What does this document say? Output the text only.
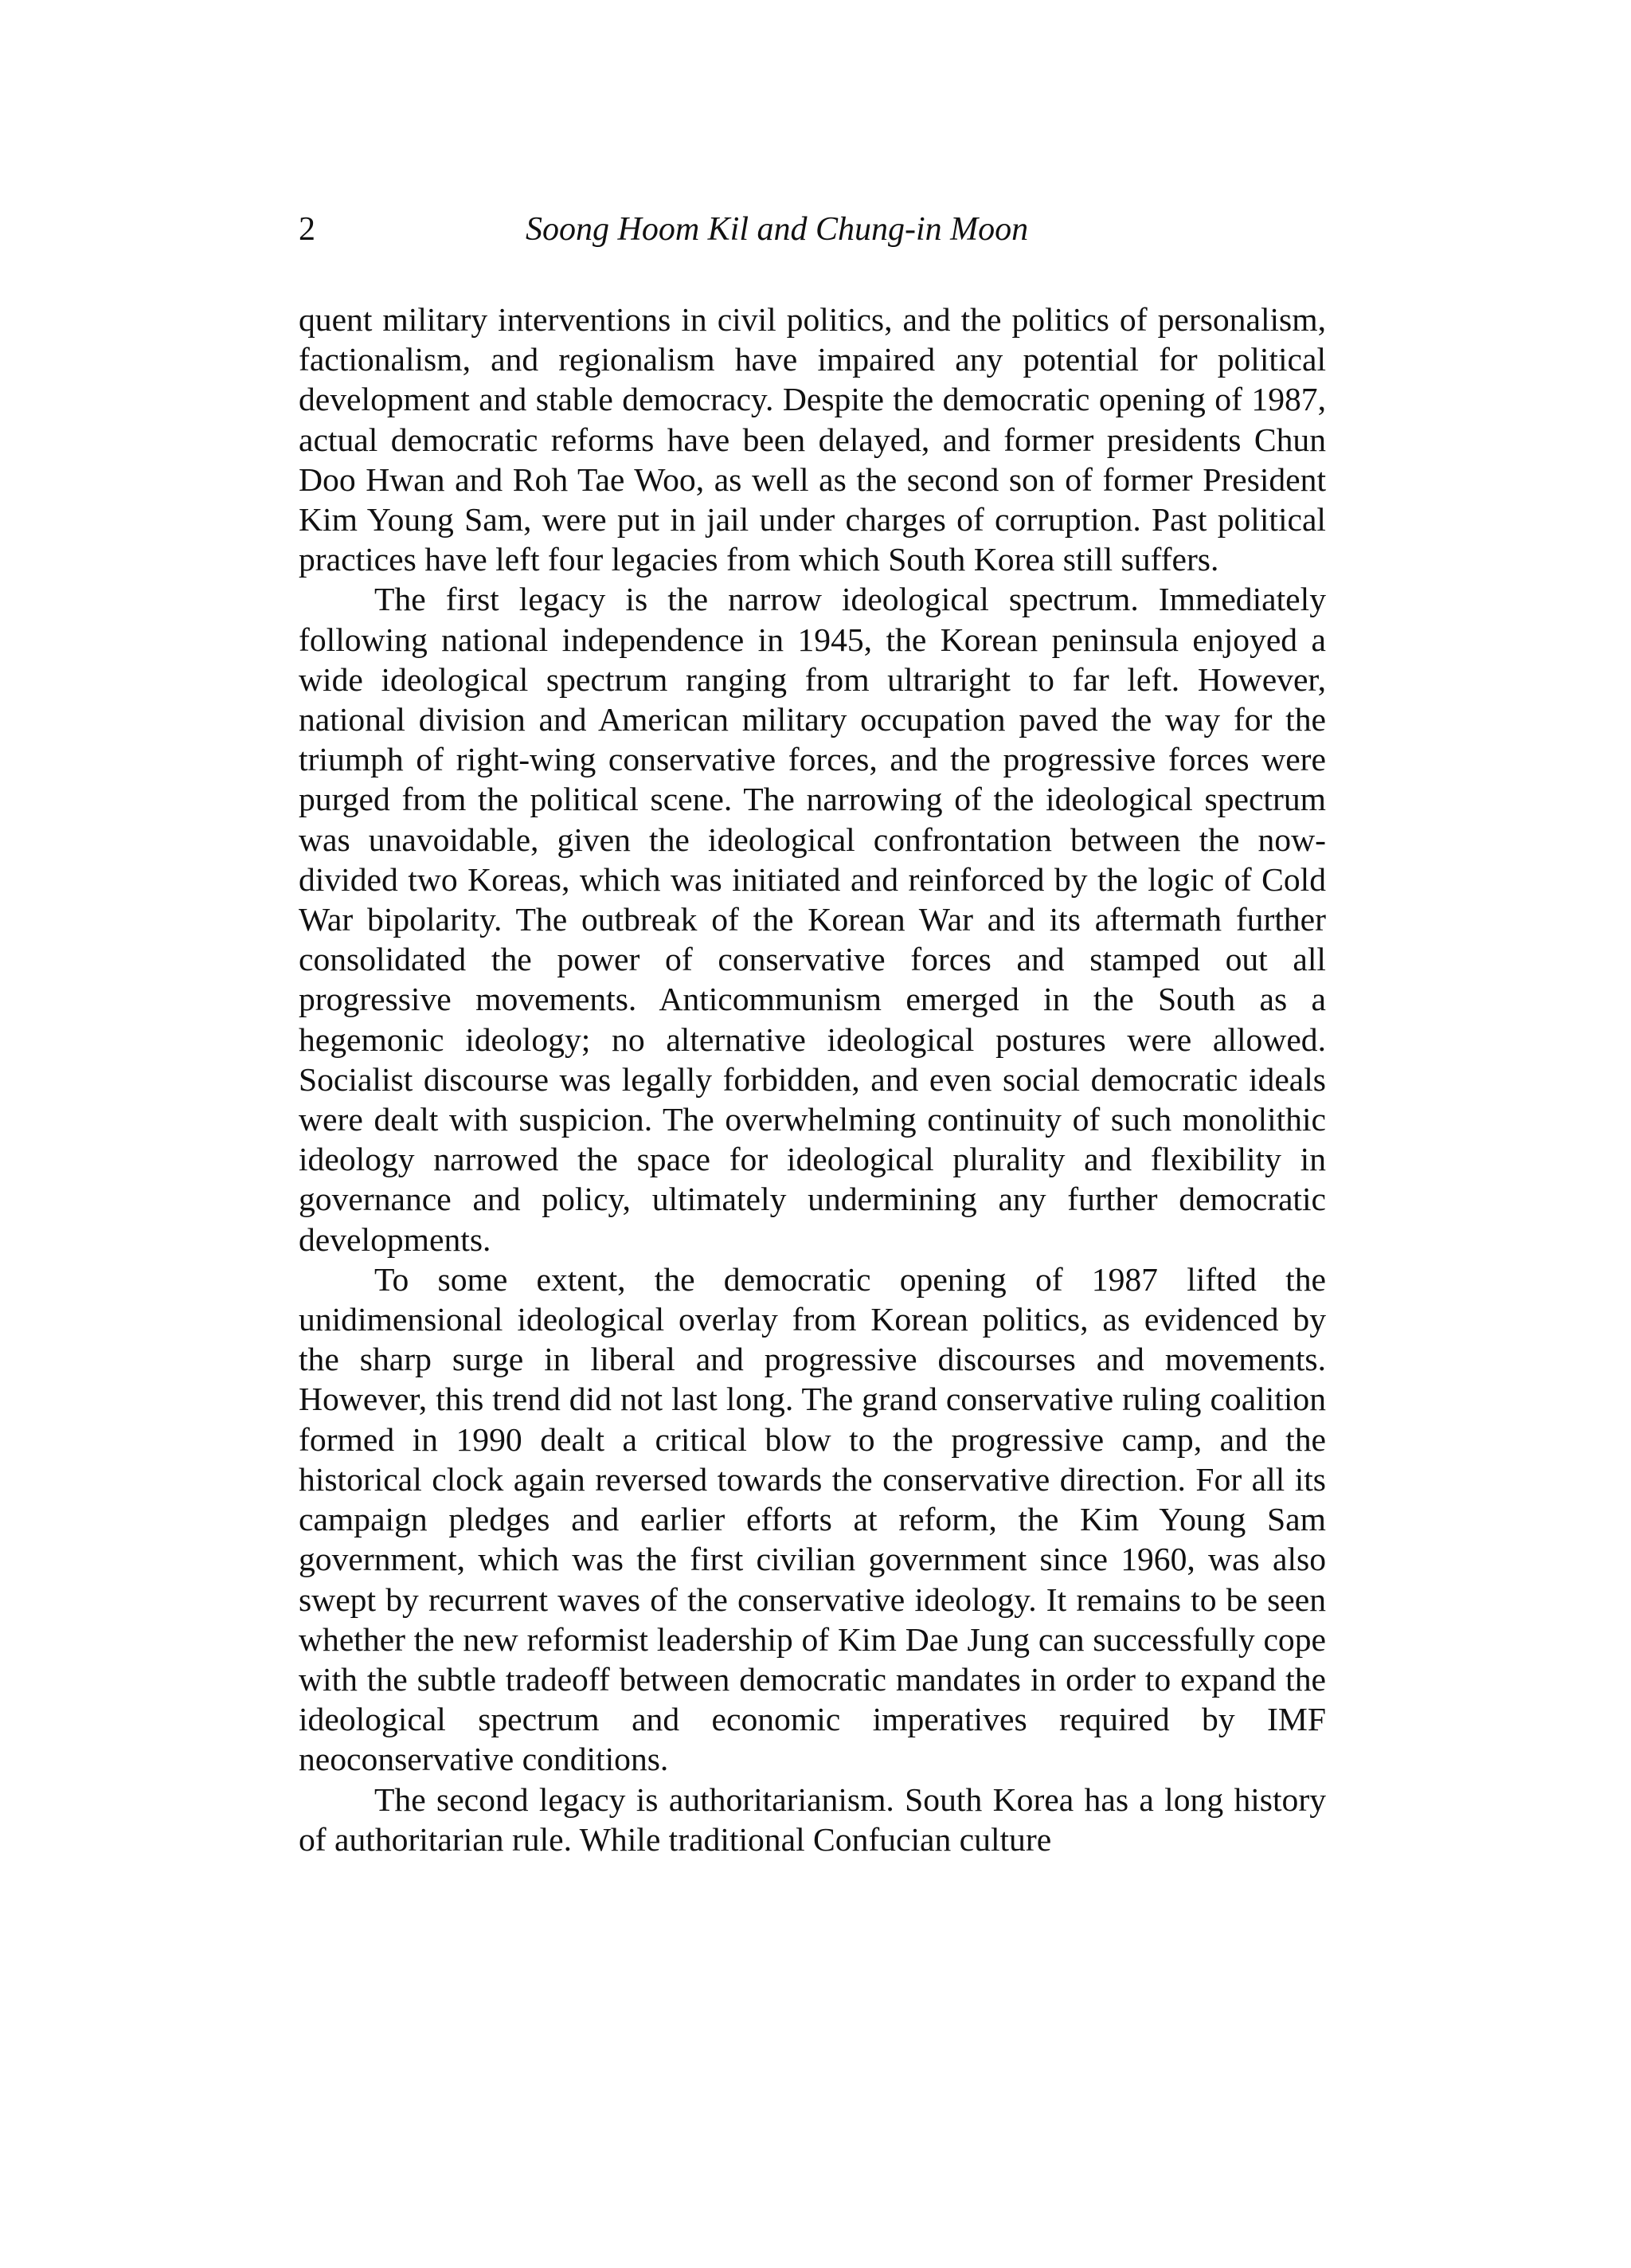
2	Soong Hoom Kil and Chung-in Moon

quent military interventions in civil politics, and the politics of personalism, factionalism, and regionalism have impaired any potential for political development and stable democracy. Despite the democratic opening of 1987, actual democratic reforms have been delayed, and former presidents Chun Doo Hwan and Roh Tae Woo, as well as the second son of former President Kim Young Sam, were put in jail under charges of corruption. Past political practices have left four legacies from which South Korea still suffers.

The first legacy is the narrow ideological spectrum. Immediately following national independence in 1945, the Korean peninsula enjoyed a wide ideological spectrum ranging from ultraright to far left. However, national division and American military occupation paved the way for the triumph of right-wing conservative forces, and the progressive forces were purged from the political scene. The narrowing of the ideological spectrum was unavoidable, given the ideological confrontation between the now-divided two Koreas, which was initiated and reinforced by the logic of Cold War bipolarity. The outbreak of the Korean War and its aftermath further consolidated the power of conservative forces and stamped out all progressive movements. Anticommunism emerged in the South as a hegemonic ideology; no alternative ideological postures were allowed. Socialist discourse was legally forbidden, and even social democratic ideals were dealt with suspicion. The overwhelming continuity of such monolithic ideology narrowed the space for ideological plurality and flexibility in governance and policy, ultimately undermining any further democratic developments.

To some extent, the democratic opening of 1987 lifted the unidimensional ideological overlay from Korean politics, as evidenced by the sharp surge in liberal and progressive discourses and movements. However, this trend did not last long. The grand conservative ruling coalition formed in 1990 dealt a critical blow to the progressive camp, and the historical clock again reversed towards the conservative direction. For all its campaign pledges and earlier efforts at reform, the Kim Young Sam government, which was the first civilian government since 1960, was also swept by recurrent waves of the conservative ideology. It remains to be seen whether the new reformist leadership of Kim Dae Jung can successfully cope with the subtle tradeoff between democratic mandates in order to expand the ideological spectrum and economic imperatives required by IMF neoconservative conditions.

The second legacy is authoritarianism. South Korea has a long history of authoritarian rule. While traditional Confucian culture
